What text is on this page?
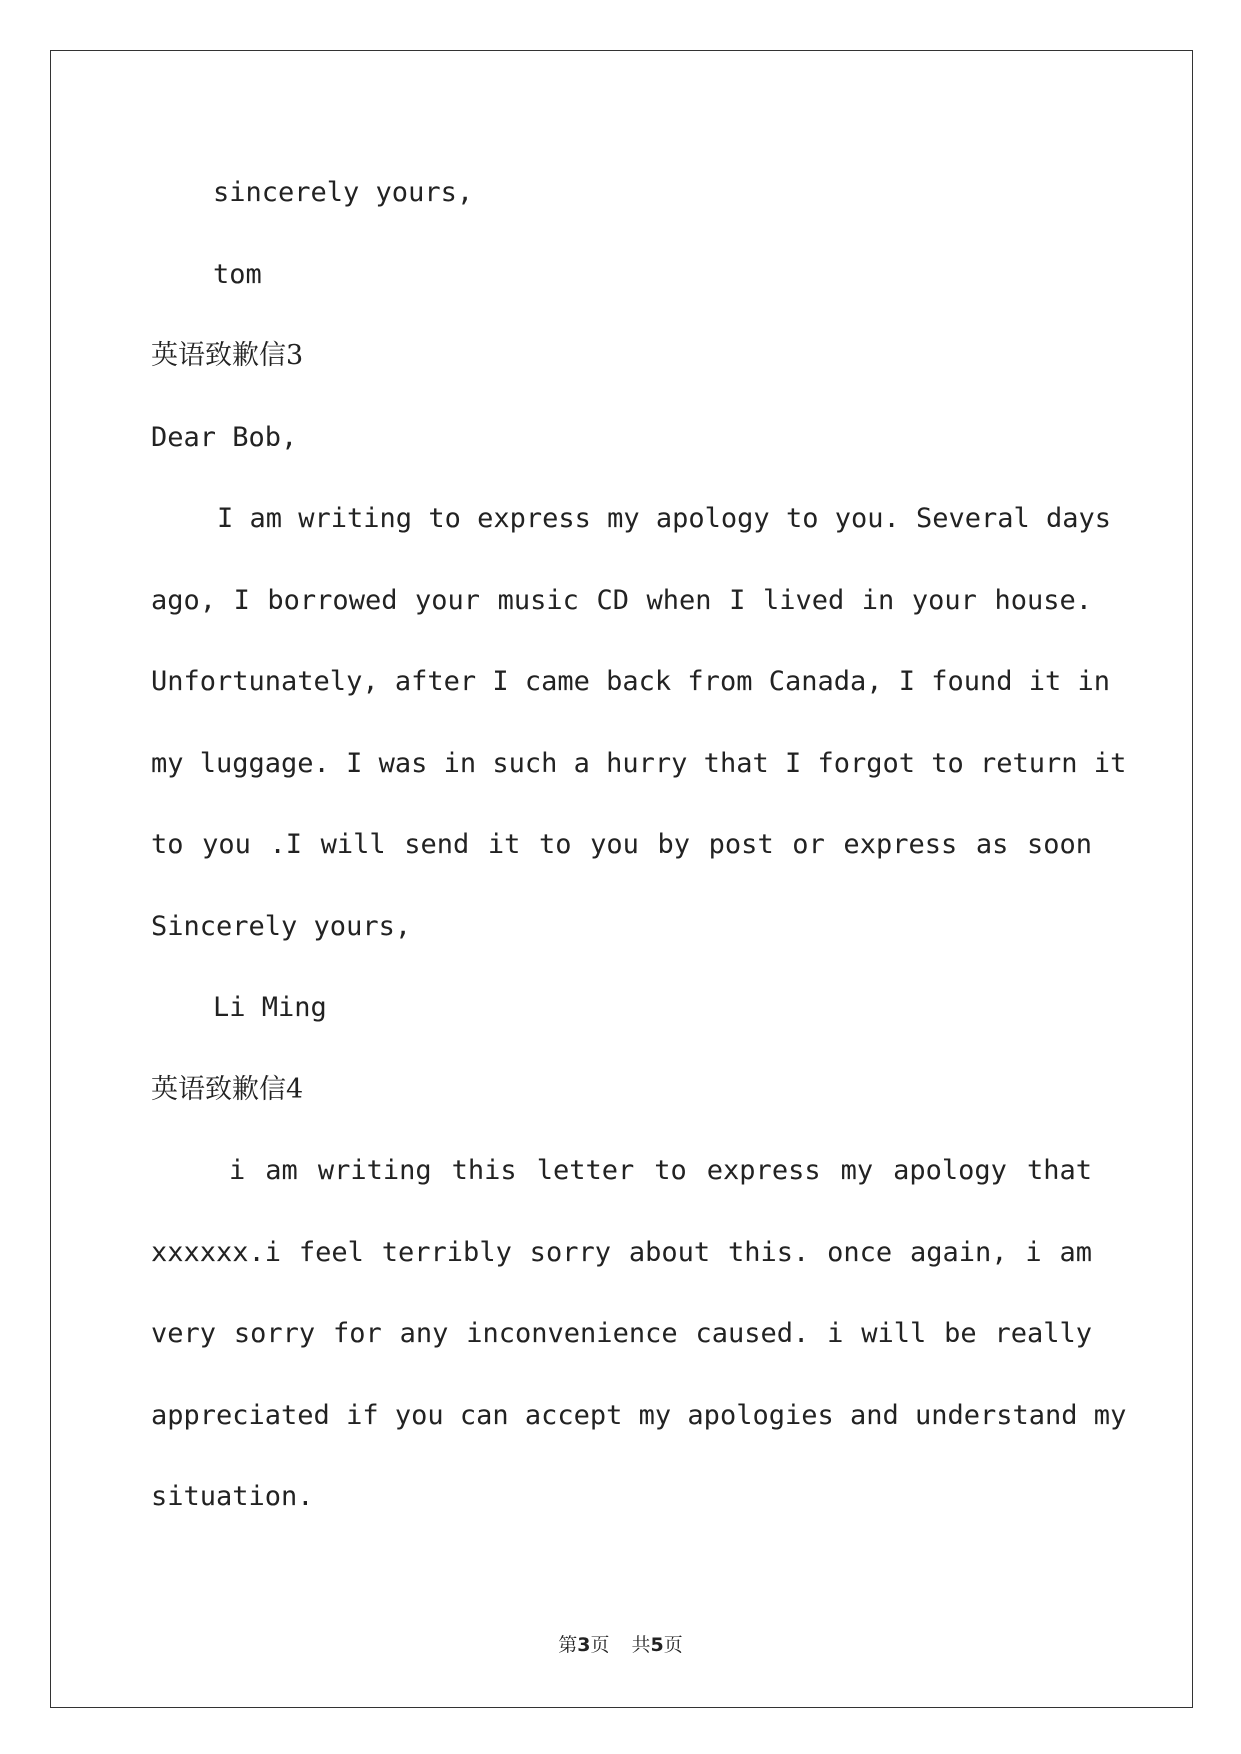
sincerely yours,
tom
英语致歉信3
Dear Bob,
I am writing to express my apology to you. Several days
ago, I borrowed your music CD when I lived in your house.
Unfortunately, after I came back from Canada, I found it in
my luggage. I was in such a hurry that I forgot to return it
to you .I will send it to you by post or express as soon
Sincerely yours,
Li Ming
英语致歉信4
i am writing this letter to express my apology that
xxxxxx.i feel terribly sorry about this. once again, i am
very sorry for any inconvenience caused. i will be really
appreciated if you can accept my apologies and understand my
situation.
第3页 共5页
